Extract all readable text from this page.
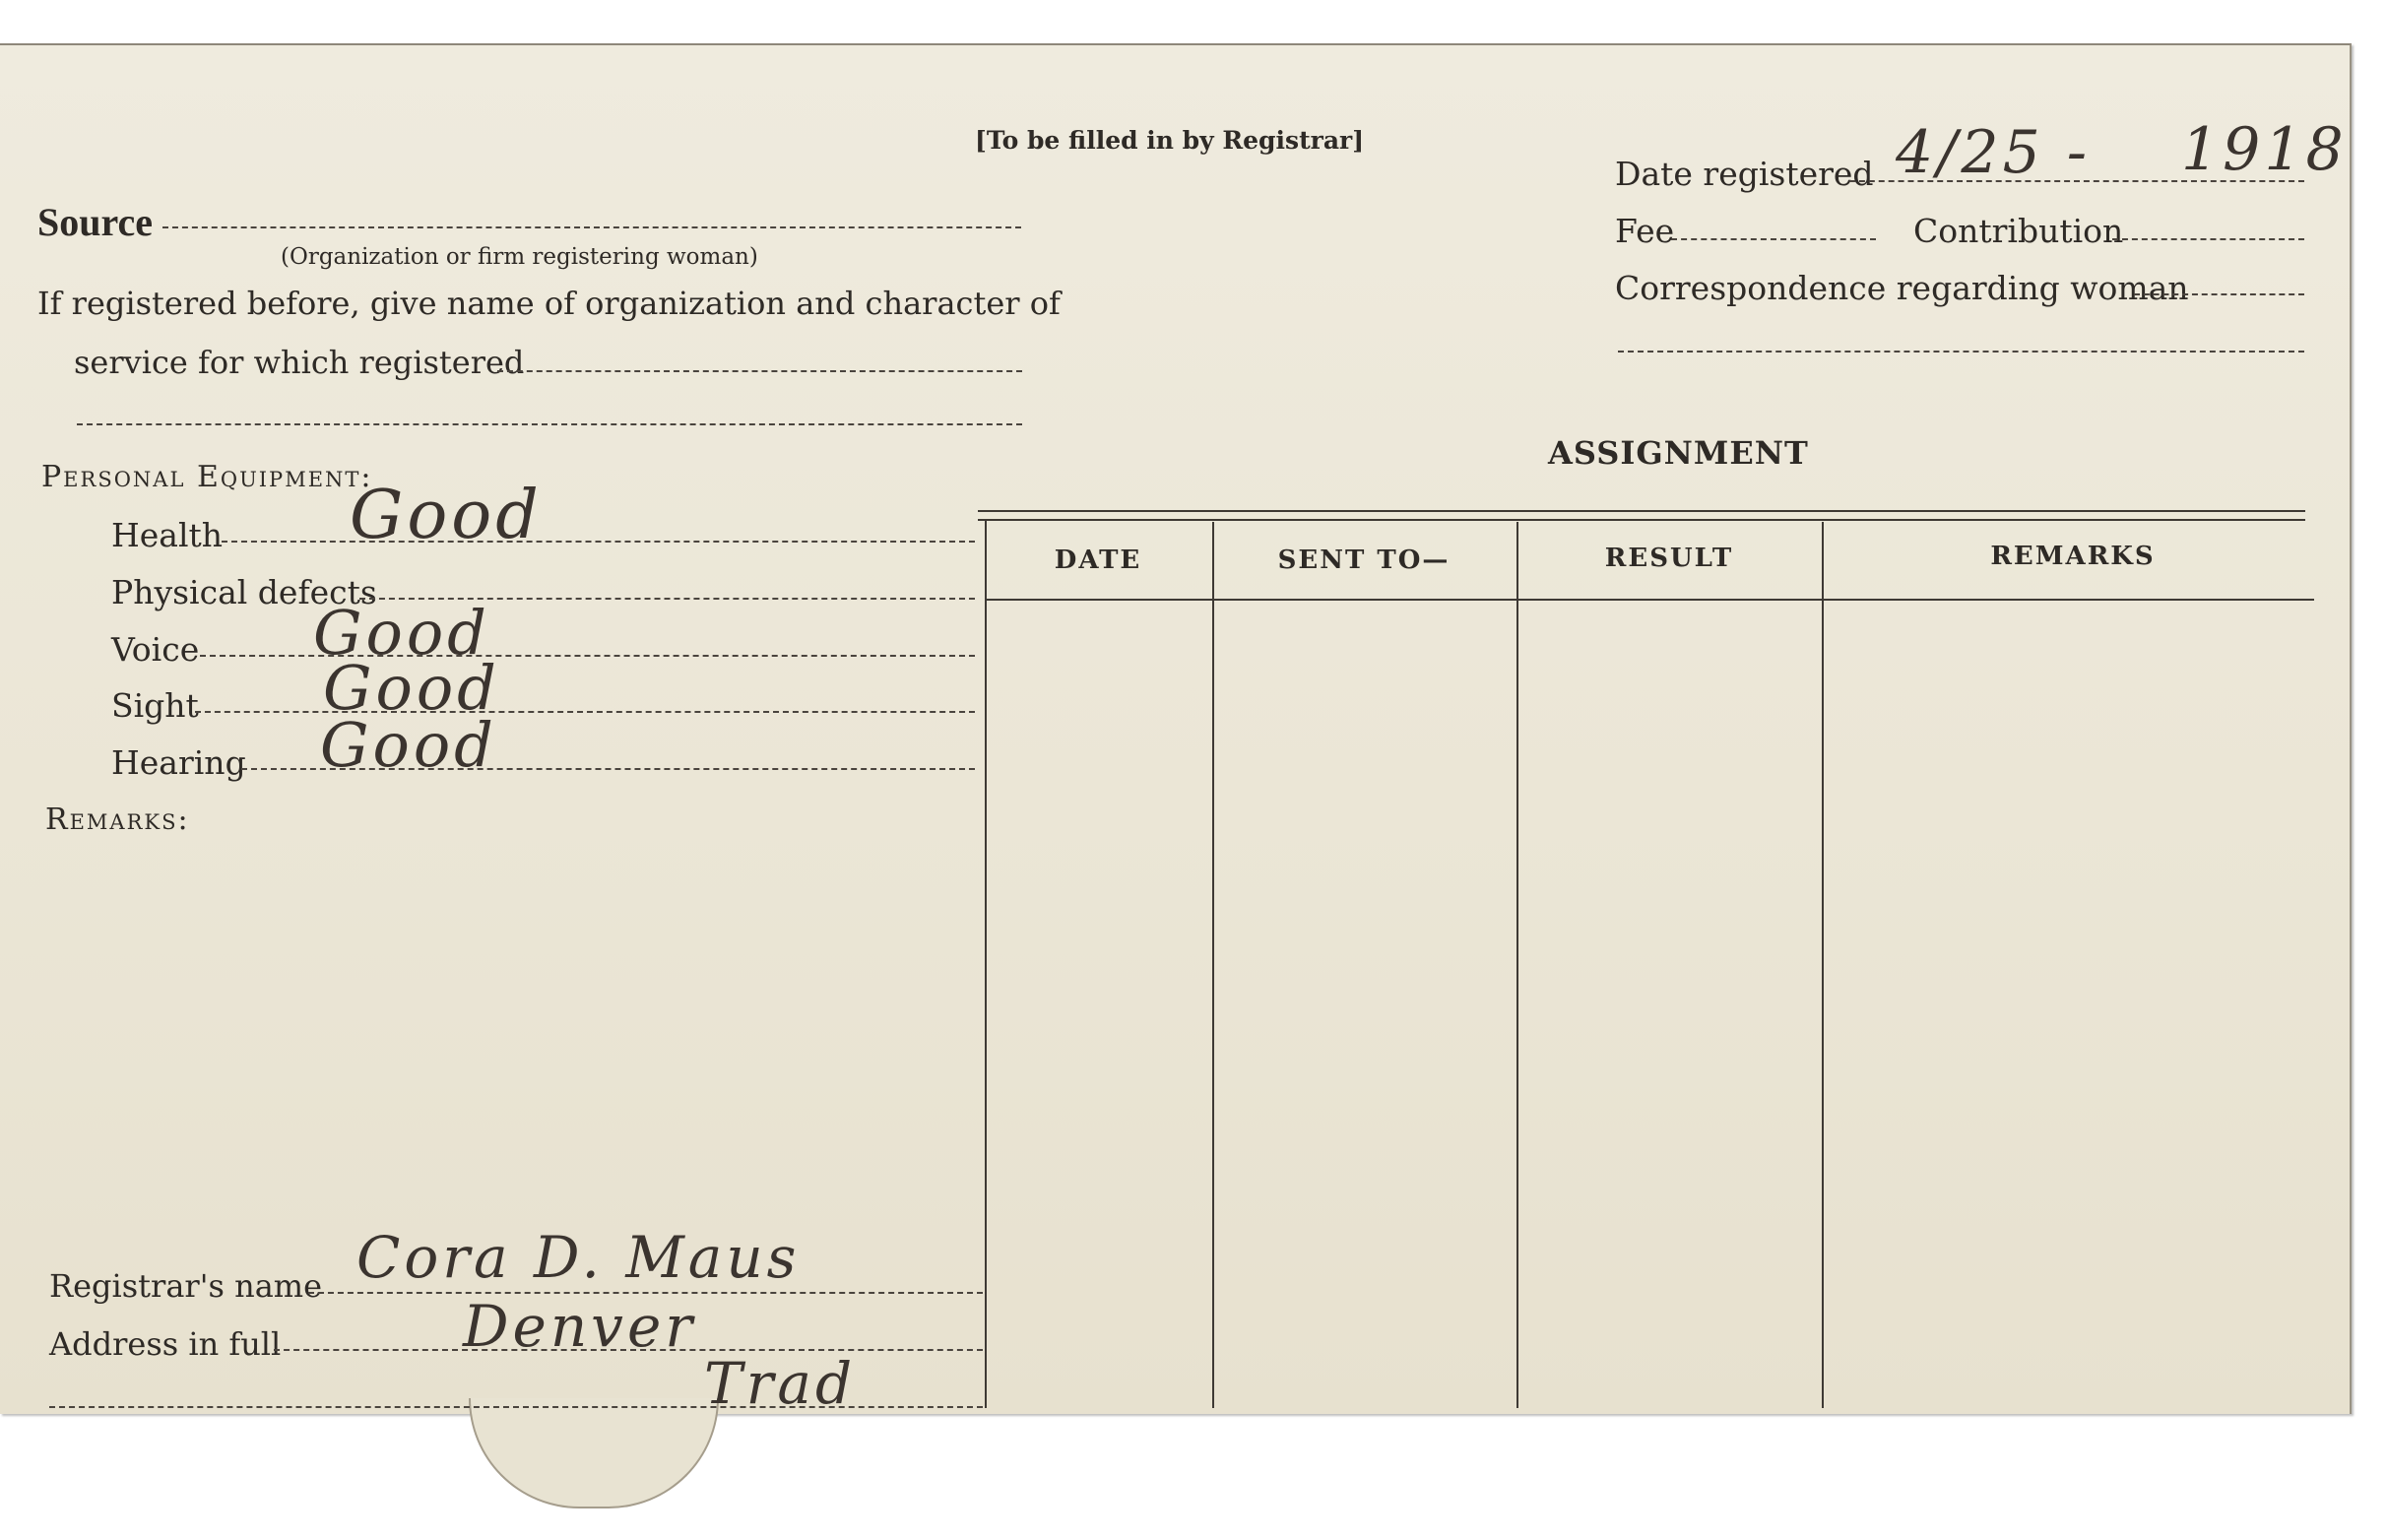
[To be filled in by Registrar]
Source
(Organization or firm registering woman)
If registered before, give name of organization and character of
service for which registered
Personal Equipment:
Health Good
Physical defects
Voice Good
Sight Good
Hearing Good
Remarks:
Registrar's name Cora D. Maus
Address in full	Denver
Trad
Date registered 4/25 - 1918
Fee	Contribution
Correspondence regarding woman
ASSIGNMENT
DATE	SENT TO—	RESULT	REMARKS
